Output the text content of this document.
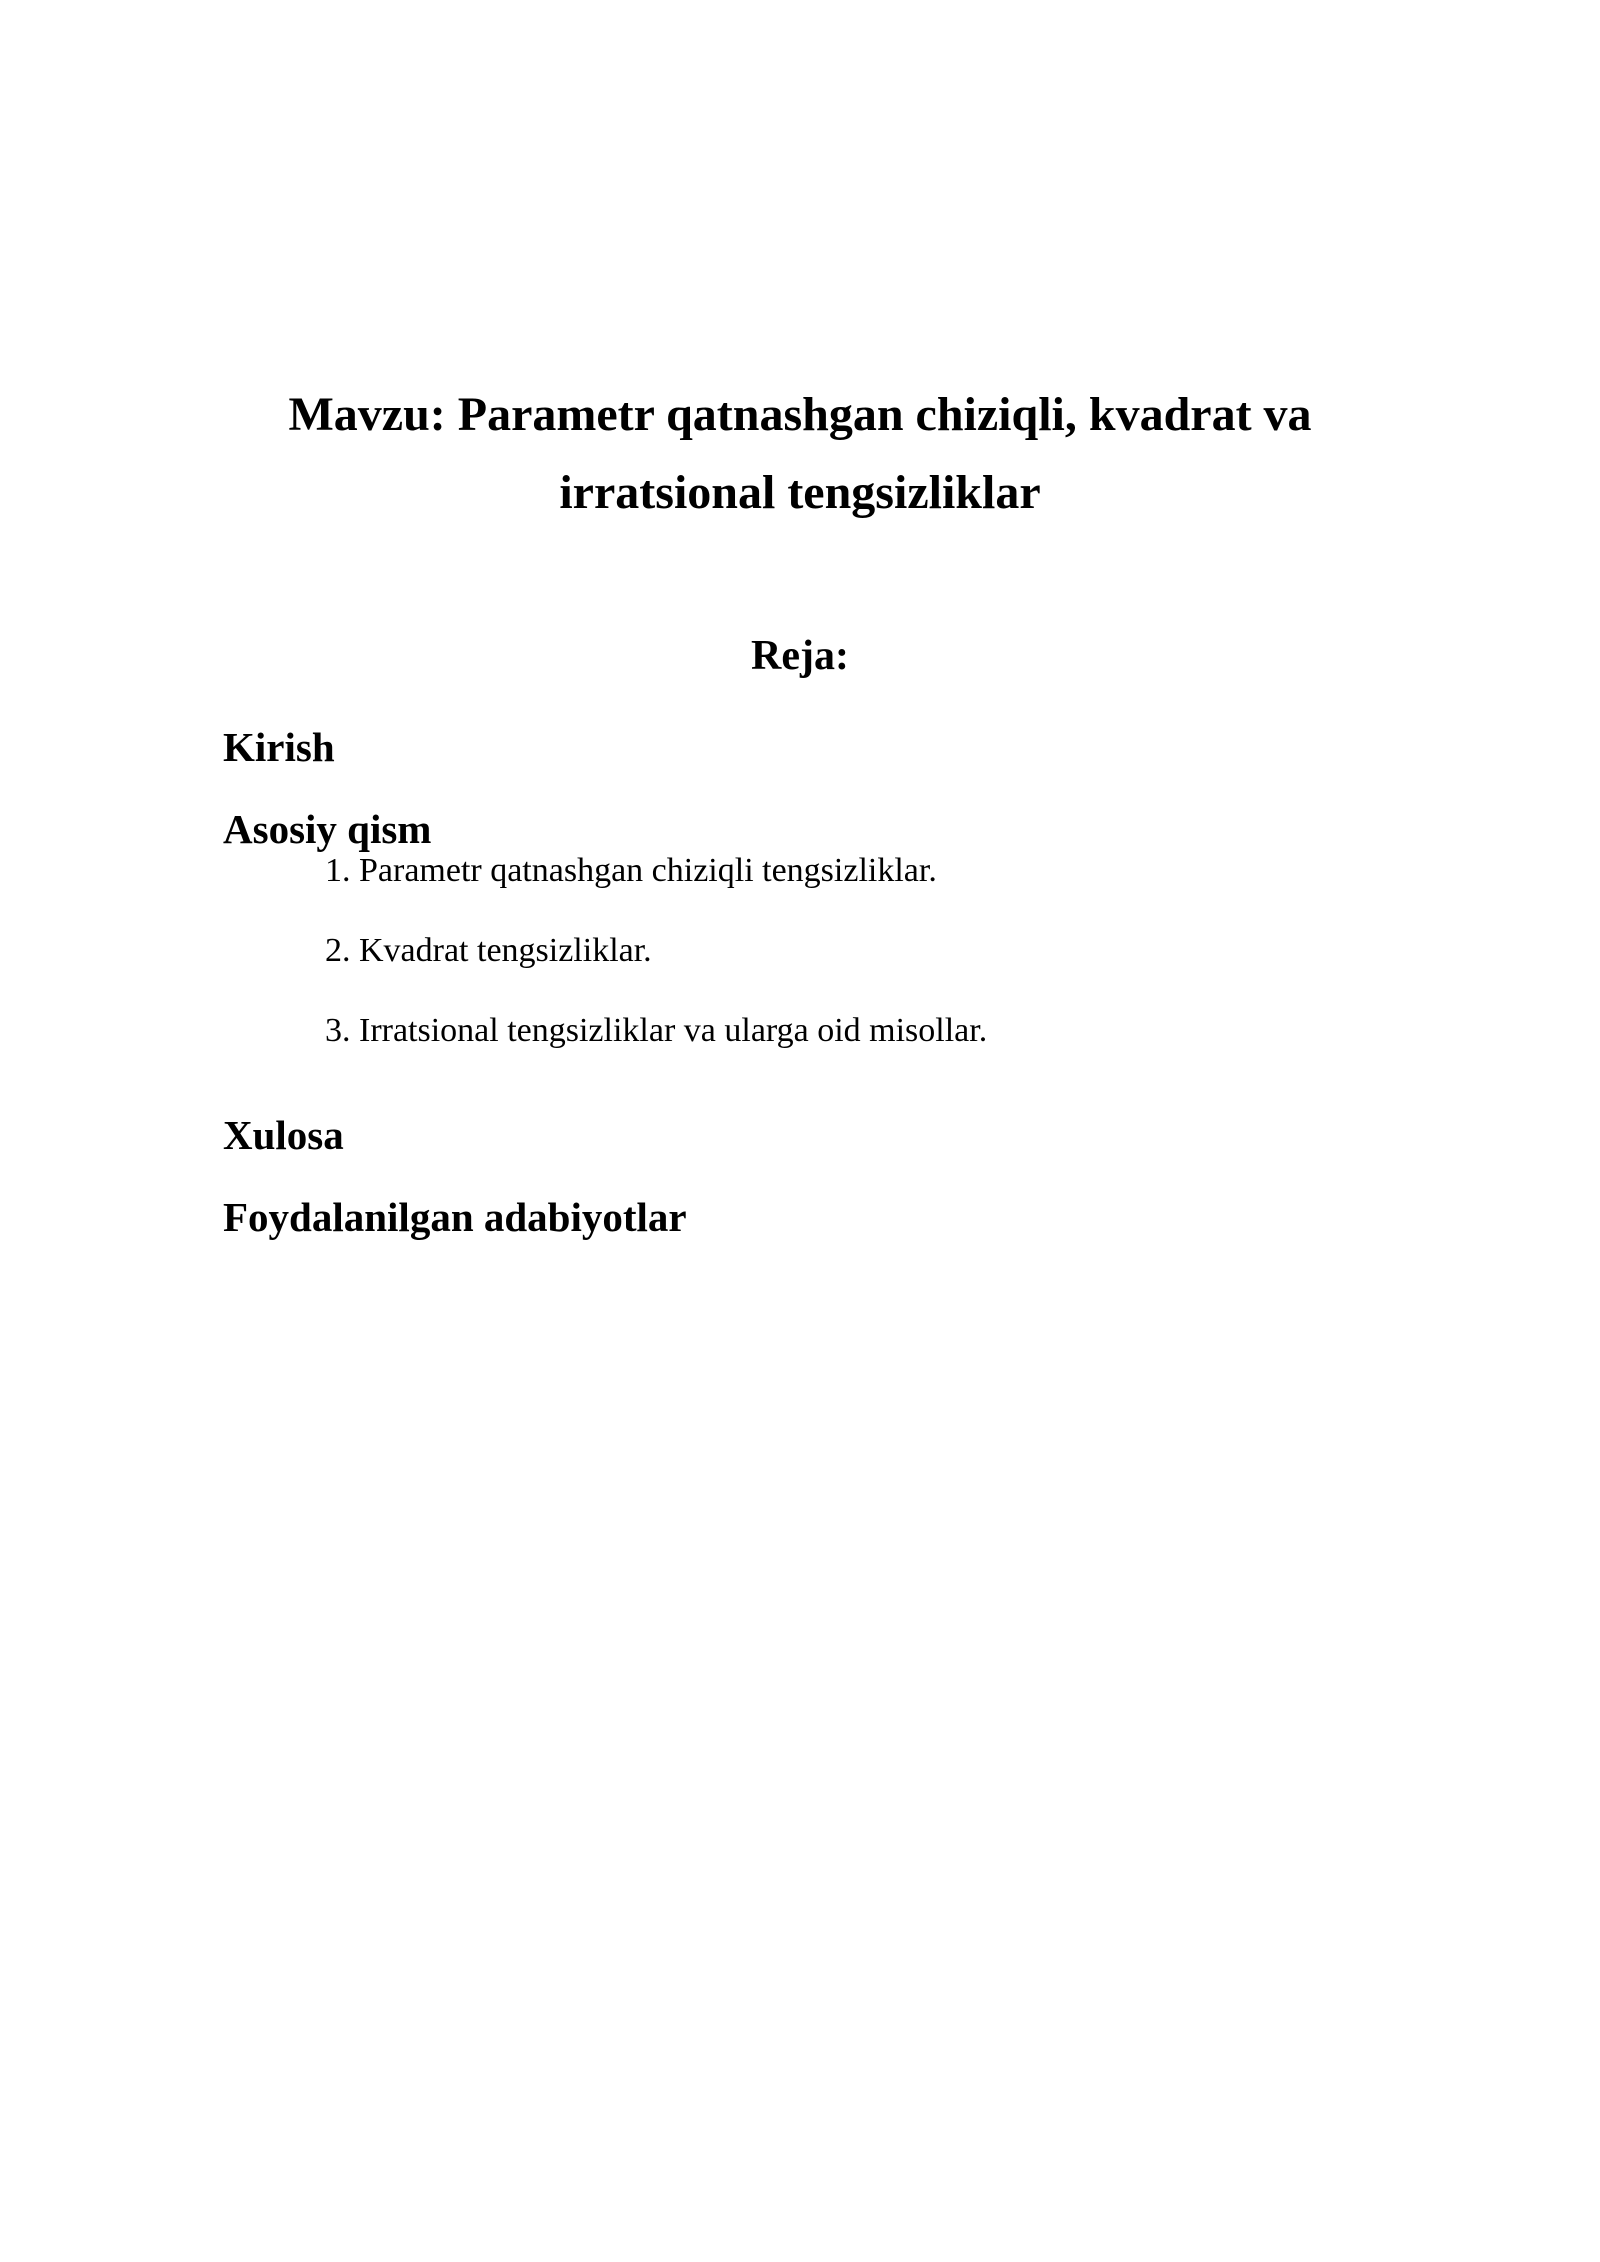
Mavzu: Parametr qatnashgan chiziqli, kvadrat va
irratsional tengsizliklar
Reja:
Kirish
Asosiy qism
1. Parametr qatnashgan chiziqli tengsizliklar.
2. Kvadrat tengsizliklar.
3. Irratsional tengsizliklar va ularga oid misollar.
Xulosa
Foydalanilgan adabiyotlar
